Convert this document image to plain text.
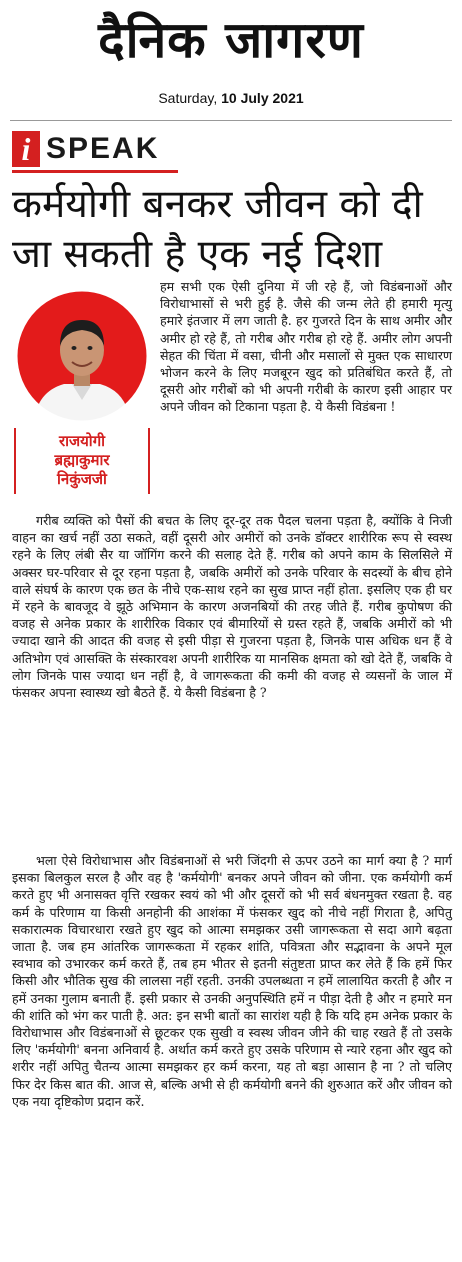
दैनिक जागरण
Saturday, 10 July 2021
i SPEAK
कर्मयोगी बनकर जीवन को दी जा सकती है एक नई दिशा
राजयोगी
ब्रह्माकुमार
निकुंजजी

हम सभी एक ऐसी दुनिया में जी रहे हैं, जो विडंबनाओं और विरोधाभासों से भरी हुई है. जैसे की जन्म लेते ही हमारी मृत्यु हमारे इंतजार में लग जाती है. हर गुजरते दिन के साथ अमीर और अमीर हो रहे हैं, तो गरीब और गरीब हो रहे हैं. अमीर लोग अपनी सेहत की चिंता में वसा, चीनी और मसालों से मुक्त एक साधारण भोजन करने के लिए मजबूरन खुद को प्रतिबंधित करते हैं, तो दूसरी ओर गरीबों को भी अपनी गरीबी के कारण इसी आहार पर अपने जीवन को टिकाना पड़ता है. ये कैसी विडंबना !

गरीब व्यक्ति को पैसों की बचत के लिए दूर-दूर तक पैदल चलना पड़ता है, क्योंकि वे निजी वाहन का खर्च नहीं उठा सकते, वहीं दूसरी ओर अमीरों को उनके डॉक्टर शारीरिक रूप से स्वस्थ रहने के लिए लंबी सैर या जॉगिंग करने की सलाह देते हैं. गरीब को अपने काम के सिलसिले में अक्सर घर-परिवार से दूर रहना पड़ता है, जबकि अमीरों को उनके परिवार के सदस्यों के बीच होने वाले संघर्ष के कारण एक छत के नीचे एक-साथ रहने का सुख प्राप्त नहीं होता. इसलिए एक ही घर में रहने के बावजूद वे झूठे अभिमान के कारण अजनबियों की तरह जीते हैं. गरीब कुपोषण की वजह से अनेक प्रकार के शारीरिक विकार एवं बीमारियों से ग्रस्त रहते हैं, जबकि अमीरों को भी ज्यादा खाने की आदत की वजह से इसी पीड़ा से गुजरना पड़ता है, जिनके पास अधिक धन हैं वे अतिभोग एवं आसक्ति के संस्कारवश अपनी शारीरिक या मानसिक क्षमता को खो देते हैं, जबकि वे लोग जिनके पास ज्यादा धन नहीं है, वे जागरूकता की कमी की वजह से व्यसनों के जाल में फंसकर अपना स्वास्थ्य खो बैठते हैं. ये कैसी विडंबना है ?

भला ऐसे विरोधाभास और विडंबनाओं से भरी जिंदगी से ऊपर उठने का मार्ग क्या है ? मार्ग इसका बिलकुल सरल है और वह है 'कर्मयोगी' बनकर अपने जीवन को जीना. एक कर्मयोगी कर्म करते हुए भी अनासक्त वृत्ति रखकर स्वयं को भी और दूसरों को भी सर्व बंधनमुक्त रखता है. वह कर्म के परिणाम या किसी अनहोनी की आशंका में फंसकर खुद को नीचे नहीं गिराता है, अपितु सकारात्मक विचारधारा रखते हुए खुद को आत्मा समझकर उसी जागरूकता से सदा आगे बढ़ता जाता है. जब हम आंतरिक जागरूकता में रहकर शांति, पवित्रता और सद्भावना के अपने मूल स्वभाव को उभारकर कर्म करते हैं, तब हम भीतर से इतनी संतुष्टता प्राप्त कर लेते हैं कि हमें फिर किसी और भौतिक सुख की लालसा नहीं रहती. उनकी उपलब्धता न हमें लालायित करती है और न हमें उनका गुलाम बनाती हैं. इसी प्रकार से उनकी अनुपस्थिति हमें न पीड़ा देती है और न हमारे मन की शांति को भंग कर पाती है. अत: इन सभी बातों का सारांश यही है कि यदि हम अनेक प्रकार के विरोधाभास और विडंबनाओं से छूटकर एक सुखी व स्वस्थ जीवन जीने की चाह रखते हैं तो उसके लिए 'कर्मयोगी' बनना अनिवार्य है. अर्थात कर्म करते हुए उसके परिणाम से न्यारे रहना और खुद को शरीर नहीं अपितु चैतन्य आत्मा समझकर हर कर्म करना, यह तो बड़ा आसान है ना ? तो चलिए फिर देर किस बात की. आज से, बल्कि अभी से ही कर्मयोगी बनने की शुरुआत करें और जीवन को एक नया दृष्टिकोण प्रदान करें.
